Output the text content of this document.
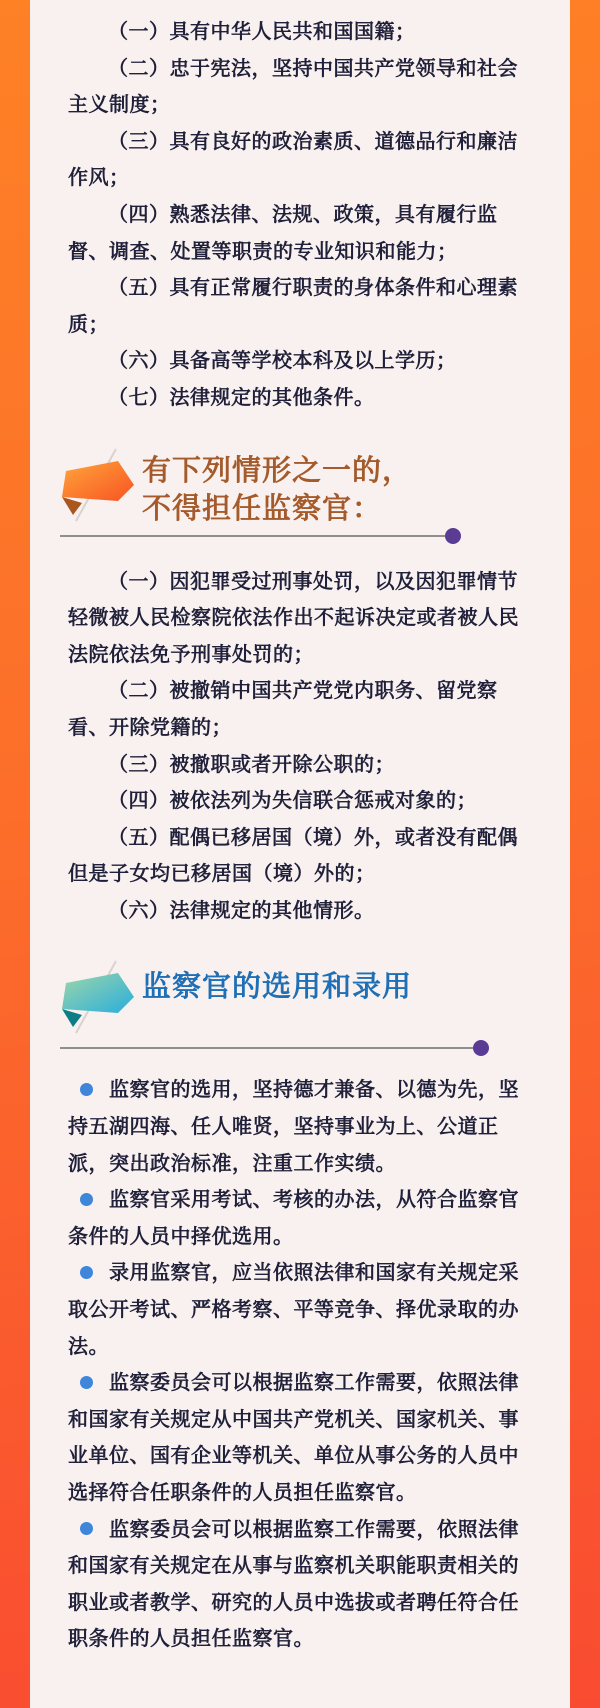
（一）具有中华人民共和国国籍；

（二）忠于宪法，坚持中国共产党领导和社会主义制度；

（三）具有良好的政治素质、道德品行和廉洁作风；

（四）熟悉法律、法规、政策，具有履行监督、调查、处置等职责的专业知识和能力；

（五）具有正常履行职责的身体条件和心理素质；

（六）具备高等学校本科及以上学历；

（七）法律规定的其他条件。

有下列情形之一的，
不得担任监察官：

（一）因犯罪受过刑事处罚，以及因犯罪情节轻微被人民检察院依法作出不起诉决定或者被人民法院依法免予刑事处罚的；

（二）被撤销中国共产党党内职务、留党察看、开除党籍的；

（三）被撤职或者开除公职的；

（四）被依法列为失信联合惩戒对象的；

（五）配偶已移居国（境）外，或者没有配偶但是子女均已移居国（境）外的；

（六）法律规定的其他情形。

监察官的选用和录用

监察官的选用，坚持德才兼备、以德为先，坚持五湖四海、任人唯贤，坚持事业为上、公道正派，突出政治标准，注重工作实绩。

监察官采用考试、考核的办法，从符合监察官条件的人员中择优选用。

录用监察官，应当依照法律和国家有关规定采取公开考试、严格考察、平等竞争、择优录取的办法。

监察委员会可以根据监察工作需要，依照法律和国家有关规定从中国共产党机关、国家机关、事业单位、国有企业等机关、单位从事公务的人员中选择符合任职条件的人员担任监察官。

监察委员会可以根据监察工作需要，依照法律和国家有关规定在从事与监察机关职能职责相关的职业或者教学、研究的人员中选拔或者聘任符合任职条件的人员担任监察官。
